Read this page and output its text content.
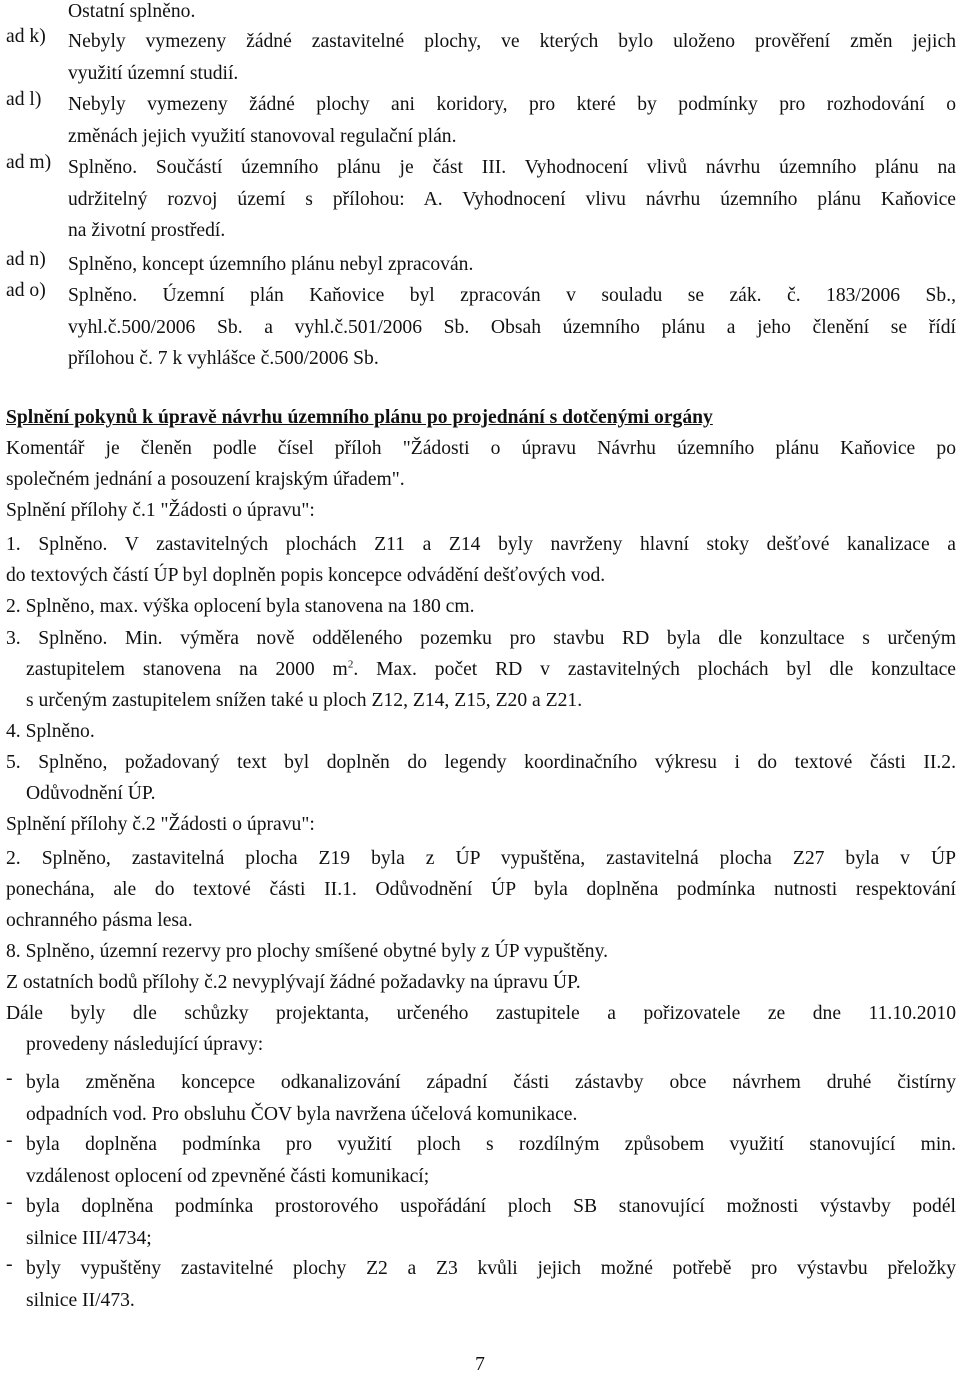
Ostatní splněno.
ad k)	Nebyly vymezeny žádné zastavitelné plochy, ve kterých bylo uloženo prověření změn jejich
využití územní studií.
ad l)	Nebyly vymezeny žádné plochy ani koridory, pro které by podmínky pro rozhodování o
změnách jejich využití stanovoval regulační plán.
ad m) Splněno. Součástí územního plánu je část III. Vyhodnocení vlivů návrhu územního plánu na
udržitelný rozvoj území s přílohou: A. Vyhodnocení vlivu návrhu územního plánu Kaňovice
na životní prostředí.
ad n)	Splněno, koncept územního plánu nebyl zpracován.
ad o)	Splněno. Územní plán Kaňovice byl zpracován v souladu se zák. č. 183/2006 Sb.,
vyhl.č.500/2006 Sb. a vyhl.č.501/2006 Sb. Obsah územního plánu a jeho členění se řídí
přílohou č. 7 k vyhlášce č.500/2006 Sb.
Splnění pokynů k úpravě návrhu územního plánu po projednání s dotčenými orgány
Komentář je členěn podle čísel příloh "Žádosti o úpravu Návrhu územního plánu Kaňovice po
společném jednání a posouzení krajským úřadem".
Splnění přílohy č.1 "Žádosti o úpravu":
1. Splněno. V zastavitelných plochách Z11 a Z14 byly navrženy hlavní stoky dešťové kanalizace a
do textových částí ÚP byl doplněn popis koncepce odvádění dešťových vod.
2. Splněno, max. výška oplocení byla stanovena na 180 cm.
3. Splněno. Min. výměra nově odděleného pozemku pro stavbu RD byla dle konzultace s určeným
zastupitelem stanovena na 2000 $m^2$. Max. počet RD v zastavitelných plochách byl dle konzultace
s určeným zastupitelem snížen také u ploch Z12, Z14, Z15, Z20 a Z21.
4. Splněno.
5. Splněno, požadovaný text byl doplněn do legendy koordinačního výkresu i do textové části II.2.
Odůvodnění ÚP.
Splnění přílohy č.2 "Žádosti o úpravu":
2. Splněno, zastavitelná plocha Z19 byla z ÚP vypuštěna, zastavitelná plocha Z27 byla v ÚP
ponechána, ale do textové části II.1. Odůvodnění ÚP byla doplněna podmínka nutnosti respektování
ochranného pásma lesa.
8. Splněno, územní rezervy pro plochy smíšené obytné byly z ÚP vypuštěny.
Z ostatních bodů přílohy č.2 nevyplývají žádné požadavky na úpravu ÚP.
Dále byly dle schůzky projektanta, určeného zastupitele a pořizovatele ze dne 11.10.2010
provedeny následující úpravy:
- byla změněna koncepce odkanalizování západní části zástavby obce návrhem druhé čistírny
odpadních vod. Pro obsluhu ČOV byla navržena účelová komunikace.
- byla doplněna podmínka pro využití ploch s rozdílným způsobem využití stanovující min.
vzdálenost oplocení od zpevněné části komunikací;
- byla doplněna podmínka prostorového uspořádání ploch SB stanovující možnosti výstavby podél
silnice III/4734;
- byly vypuštěny zastavitelné plochy Z2 a Z3 kvůli jejich možné potřebě pro výstavbu přeložky
silnice II/473.
7
